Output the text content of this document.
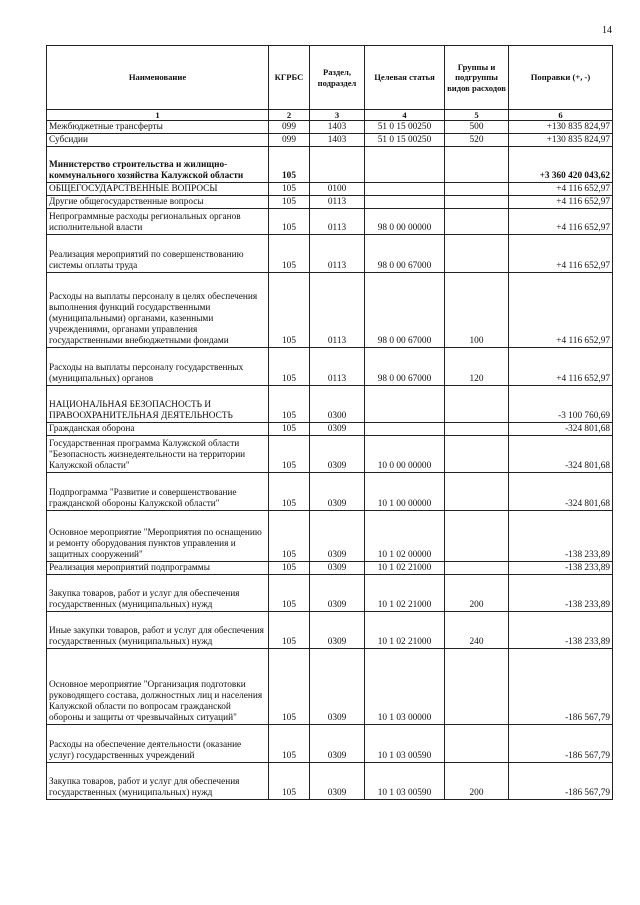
14
Наименование	КГРБС	Раздел, подраздел	Целевая статья	Группы и подгруппы видов расходов	Поправки (+, -)
1	2	3	4	5	6
Межбюджетные трансферты	099	1403	51 0 15 00250	500	+130 835 824,97
Субсидии	099	1403	51 0 15 00250	520	+130 835 824,97
Министерство строительства и жилищно-коммунального хозяйства Калужской области	105				+3 360 420 043,62
ОБЩЕГОСУДАРСТВЕННЫЕ ВОПРОСЫ	105	0100			+4 116 652,97
Другие общегосударственные вопросы	105	0113			+4 116 652,97
Непрограммные расходы региональных органов исполнительной власти	105	0113	98 0 00 00000		+4 116 652,97
Реализация мероприятий по совершенствованию системы оплаты труда	105	0113	98 0 00 67000		+4 116 652,97
Расходы на выплаты персоналу в целях обеспечения выполнения функций государственными (муниципальными) органами, казенными учреждениями, органами управления государственными внебюджетными фондами	105	0113	98 0 00 67000	100	+4 116 652,97
Расходы на выплаты персоналу государственных (муниципальных) органов	105	0113	98 0 00 67000	120	+4 116 652,97
НАЦИОНАЛЬНАЯ БЕЗОПАСНОСТЬ И ПРАВООХРАНИТЕЛЬНАЯ ДЕЯТЕЛЬНОСТЬ	105	0300			-3 100 760,69
Гражданская оборона	105	0309			-324 801,68
Государственная программа Калужской области "Безопасность жизнедеятельности на территории Калужской области"	105	0309	10 0 00 00000		-324 801,68
Подпрограмма "Развитие и совершенствование гражданской обороны Калужской области"	105	0309	10 1 00 00000		-324 801,68
Основное мероприятие "Мероприятия по оснащению и ремонту оборудования пунктов управления и защитных сооружений"	105	0309	10 1 02 00000		-138 233,89
Реализация мероприятий подпрограммы	105	0309	10 1 02 21000		-138 233,89
Закупка товаров, работ и услуг для обеспечения государственных (муниципальных) нужд	105	0309	10 1 02 21000	200	-138 233,89
Иные закупки товаров, работ и услуг для обеспечения государственных (муниципальных) нужд	105	0309	10 1 02 21000	240	-138 233,89
Основное мероприятие "Организация подготовки руководящего состава, должностных лиц и населения Калужской области по вопросам гражданской обороны и защиты от чрезвычайных ситуаций"	105	0309	10 1 03 00000		-186 567,79
Расходы на обеспечение деятельности (оказание услуг) государственных учреждений	105	0309	10 1 03 00590		-186 567,79
Закупка товаров, работ и услуг для обеспечения государственных (муниципальных) нужд	105	0309	10 1 03 00590	200	-186 567,79
